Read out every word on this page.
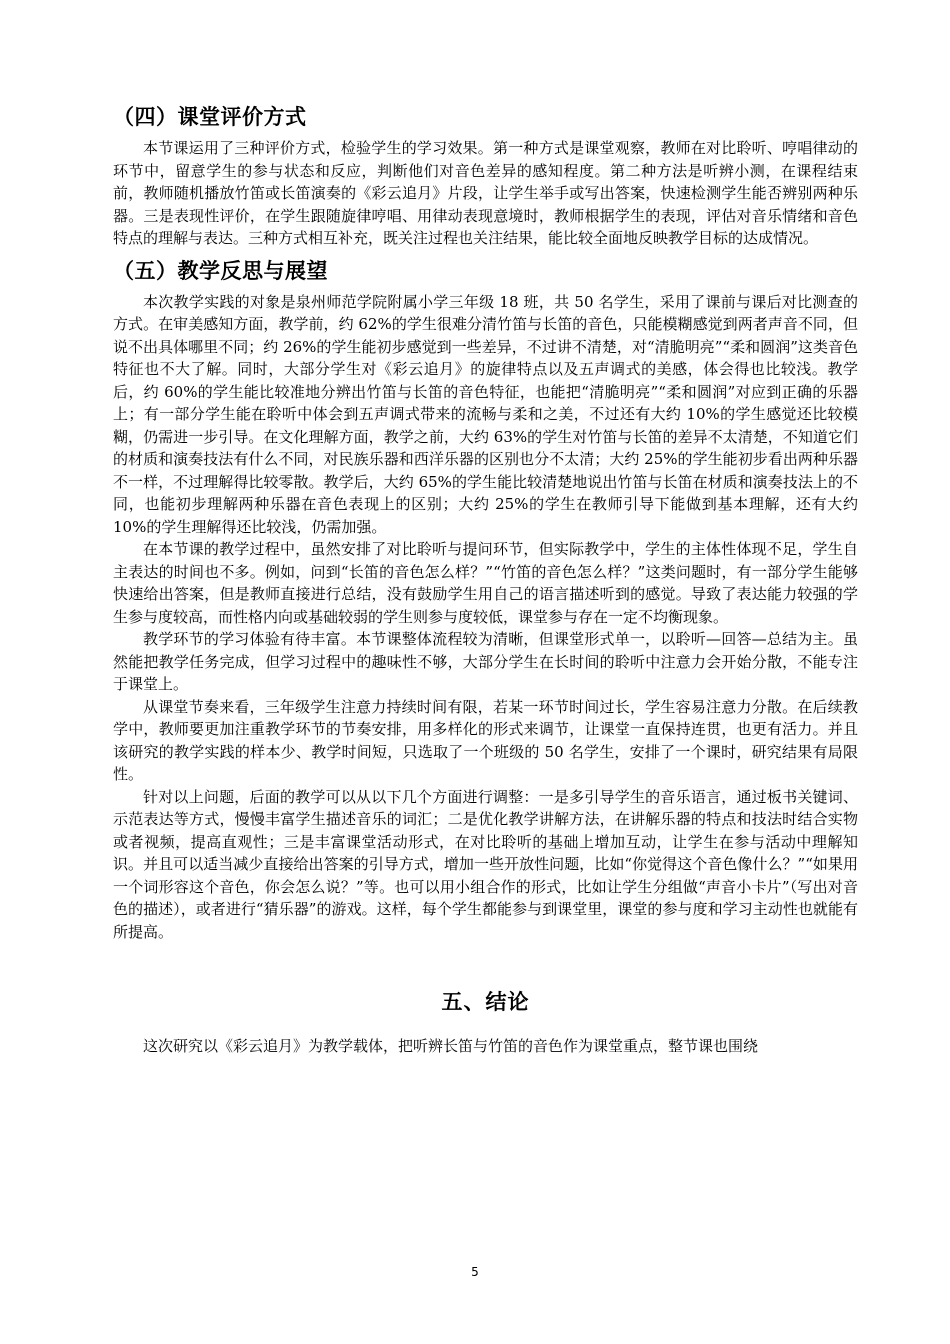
（四）课堂评价方式

本节课运用了三种评价方式，检验学生的学习效果。第一种方式是课堂观察，教师在对比聆听、哼唱律动的环节中，留意学生的参与状态和反应，判断他们对音色差异的感知程度。第二种方法是听辨小测，在课程结束前，教师随机播放竹笛或长笛演奏的《彩云追月》片段，让学生举手或写出答案，快速检测学生能否辨别两种乐器。三是表现性评价，在学生跟随旋律哼唱、用律动表现意境时，教师根据学生的表现，评估对音乐情绪和音色特点的理解与表达。三种方式相互补充，既关注过程也关注结果，能比较全面地反映教学目标的达成情况。

（五）教学反思与展望

本次教学实践的对象是泉州师范学院附属小学三年级 18 班，共 50 名学生，采用了课前与课后对比测查的方式。在审美感知方面，教学前，约 62%的学生很难分清竹笛与长笛的音色，只能模糊感觉到两者声音不同，但说不出具体哪里不同；约 26%的学生能初步感觉到一些差异，不过讲不清楚，对“清脆明亮”“柔和圆润”这类音色特征也不大了解。同时，大部分学生对《彩云追月》的旋律特点以及五声调式的美感，体会得也比较浅。教学后，约 60%的学生能比较准地分辨出竹笛与长笛的音色特征，也能把“清脆明亮”“柔和圆润”对应到正确的乐器上；有一部分学生能在聆听中体会到五声调式带来的流畅与柔和之美，不过还有大约 10%的学生感觉还比较模糊，仍需进一步引导。在文化理解方面，教学之前，大约 63%的学生对竹笛与长笛的差异不太清楚，不知道它们的材质和演奏技法有什么不同，对民族乐器和西洋乐器的区别也分不太清；大约 25%的学生能初步看出两种乐器不一样，不过理解得比较零散。教学后，大约 65%的学生能比较清楚地说出竹笛与长笛在材质和演奏技法上的不同，也能初步理解两种乐器在音色表现上的区别；大约 25%的学生在教师引导下能做到基本理解，还有大约 10%的学生理解得还比较浅，仍需加强。

在本节课的教学过程中，虽然安排了对比聆听与提问环节，但实际教学中，学生的主体性体现不足，学生自主表达的时间也不多。例如，问到“长笛的音色怎么样？”“竹笛的音色怎么样？”这类问题时，有一部分学生能够快速给出答案，但是教师直接进行总结，没有鼓励学生用自己的语言描述听到的感觉。导致了表达能力较强的学生参与度较高，而性格内向或基础较弱的学生则参与度较低，课堂参与存在一定不均衡现象。

教学环节的学习体验有待丰富。本节课整体流程较为清晰，但课堂形式单一，以聆听—回答—总结为主。虽然能把教学任务完成，但学习过程中的趣味性不够，大部分学生在长时间的聆听中注意力会开始分散，不能专注于课堂上。

从课堂节奏来看，三年级学生注意力持续时间有限，若某一环节时间过长，学生容易注意力分散。在后续教学中，教师要更加注重教学环节的节奏安排，用多样化的形式来调节，让课堂一直保持连贯，也更有活力。并且该研究的教学实践的样本少、教学时间短，只选取了一个班级的 50 名学生，安排了一个课时，研究结果有局限性。

针对以上问题，后面的教学可以从以下几个方面进行调整：一是多引导学生的音乐语言，通过板书关键词、示范表达等方式，慢慢丰富学生描述音乐的词汇；二是优化教学讲解方法，在讲解乐器的特点和技法时结合实物或者视频，提高直观性；三是丰富课堂活动形式，在对比聆听的基础上增加互动，让学生在参与活动中理解知识。并且可以适当减少直接给出答案的引导方式，增加一些开放性问题，比如“你觉得这个音色像什么？”“如果用一个词形容这个音色，你会怎么说？”等。也可以用小组合作的形式，比如让学生分组做“声音小卡片”（写出对音色的描述），或者进行“猜乐器”的游戏。这样，每个学生都能参与到课堂里，课堂的参与度和学习主动性也就能有所提高。

五、结论

这次研究以《彩云追月》为教学载体，把听辨长笛与竹笛的音色作为课堂重点，整节课也围绕

5
